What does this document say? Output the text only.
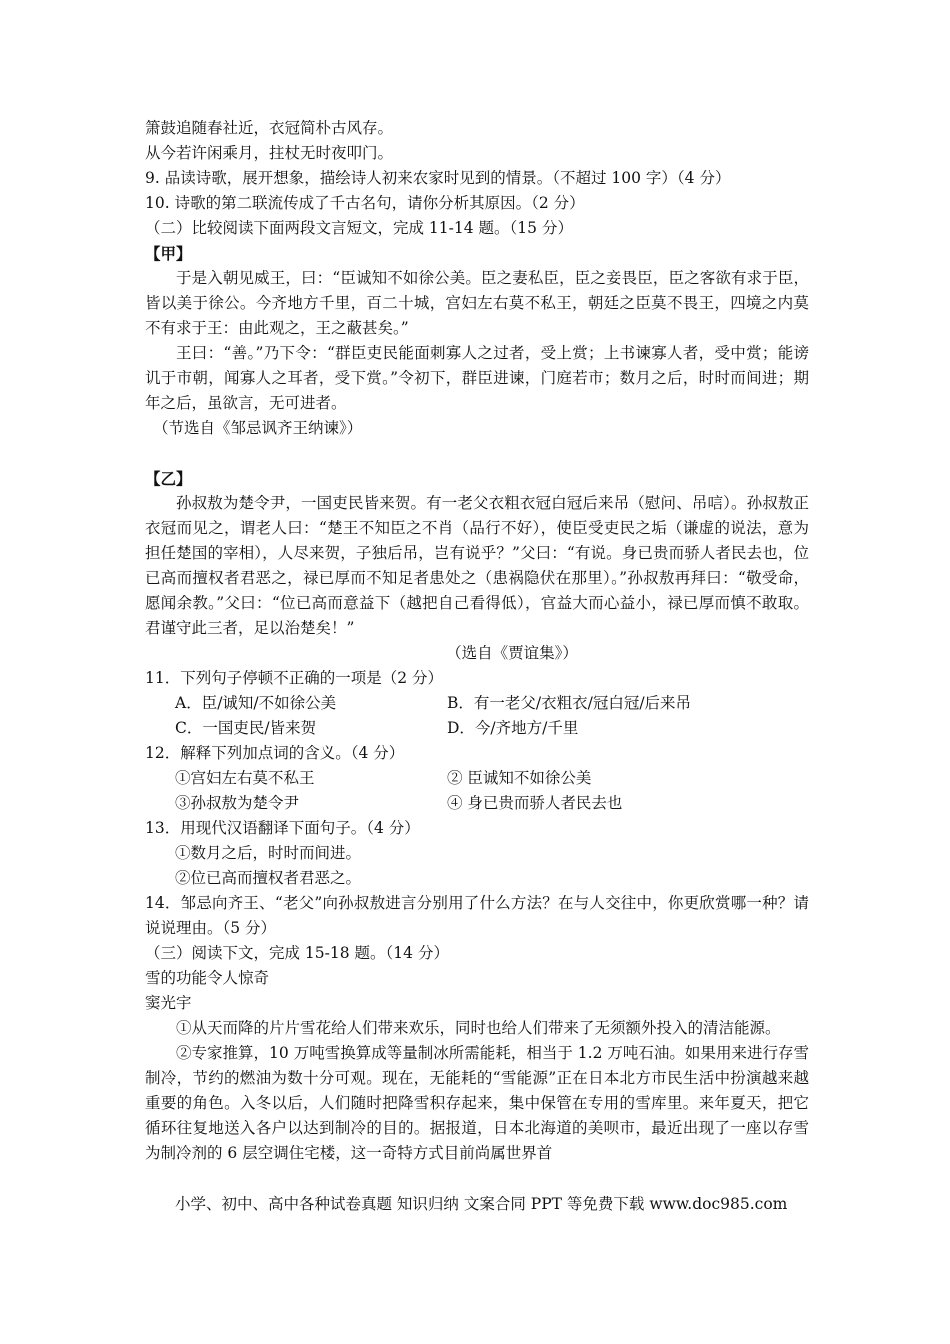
箫鼓追随春社近，衣冠简朴古风存。

从今若许闲乘月，拄杖无时夜叩门。

9. 品读诗歌，展开想象，描绘诗人初来农家时见到的情景。（不超过 100 字）（4 分）

10. 诗歌的第二联流传成了千古名句，请你分析其原因。（2 分）

（二）比较阅读下面两段文言短文，完成 11-14 题。（15 分）

【甲】

于是入朝见威王，曰：“臣诚知不如徐公美。臣之妻私臣，臣之妾畏臣，臣之客欲有求于臣，皆以美于徐公。今齐地方千里，百二十城，宫妇左右莫不私王，朝廷之臣莫不畏王，四境之内莫不有求于王：由此观之，王之蔽甚矣。”

王曰：“善。”乃下令：“群臣吏民能面刺寡人之过者，受上赏；上书谏寡人者，受中赏；能谤讥于市朝，闻寡人之耳者，受下赏。”令初下，群臣进谏，门庭若市；数月之后，时时而间进；期年之后，虽欲言，无可进者。

（节选自《邹忌讽齐王纳谏》）

【乙】

孙叔敖为楚令尹，一国吏民皆来贺。有一老父衣粗衣冠白冠后来吊（慰问、吊唁）。孙叔敖正衣冠而见之，谓老人曰：“楚王不知臣之不肖（品行不好），使臣受吏民之垢（谦虚的说法，意为担任楚国的宰相），人尽来贺，子独后吊，岂有说乎？”父曰：“有说。身已贵而骄人者民去也，位已高而擅权者君恶之，禄已厚而不知足者患处之（患祸隐伏在那里）。”孙叔敖再拜曰：“敬受命，愿闻余教。”父曰：“位已高而意益下（越把自己看得低），官益大而心益小，禄已厚而慎不敢取。君谨守此三者，足以治楚矣！”

（选自《贾谊集》）

11．下列句子停顿不正确的一项是（2 分）

A．臣/诚知/不如徐公美	B．有一老父/衣粗衣/冠白冠/后来吊
C．一国吏民/皆来贺	D．今/齐地方/千里

12．解释下列加点词的含义。（4 分）

①宫妇左右莫不私王	② 臣诚知不如徐公美
③孙叔敖为楚令尹	④ 身已贵而骄人者民去也

13．用现代汉语翻译下面句子。（4 分）

①数月之后，时时而间进。

②位已高而擅权者君恶之。

14．邹忌向齐王、“老父”向孙叔敖进言分别用了什么方法？在与人交往中，你更欣赏哪一种？请说说理由。（5 分）

（三）阅读下文，完成 15-18 题。（14 分）

雪的功能令人惊奇

窦光宇

①从天而降的片片雪花给人们带来欢乐，同时也给人们带来了无须额外投入的清洁能源。

②专家推算，10 万吨雪换算成等量制冰所需能耗，相当于 1.2 万吨石油。如果用来进行存雪制冷，节约的燃油为数十分可观。现在，无能耗的“雪能源”正在日本北方市民生活中扮演越来越重要的角色。入冬以后，人们随时把降雪积存起来，集中保管在专用的雪库里。来年夏天，把它循环往复地送入各户以达到制冷的目的。据报道，日本北海道的美呗市，最近出现了一座以存雪为制冷剂的 6 层空调住宅楼，这一奇特方式目前尚属世界首

小学、初中、高中各种试卷真题 知识归纳 文案合同 PPT 等免费下载 www.doc985.com
